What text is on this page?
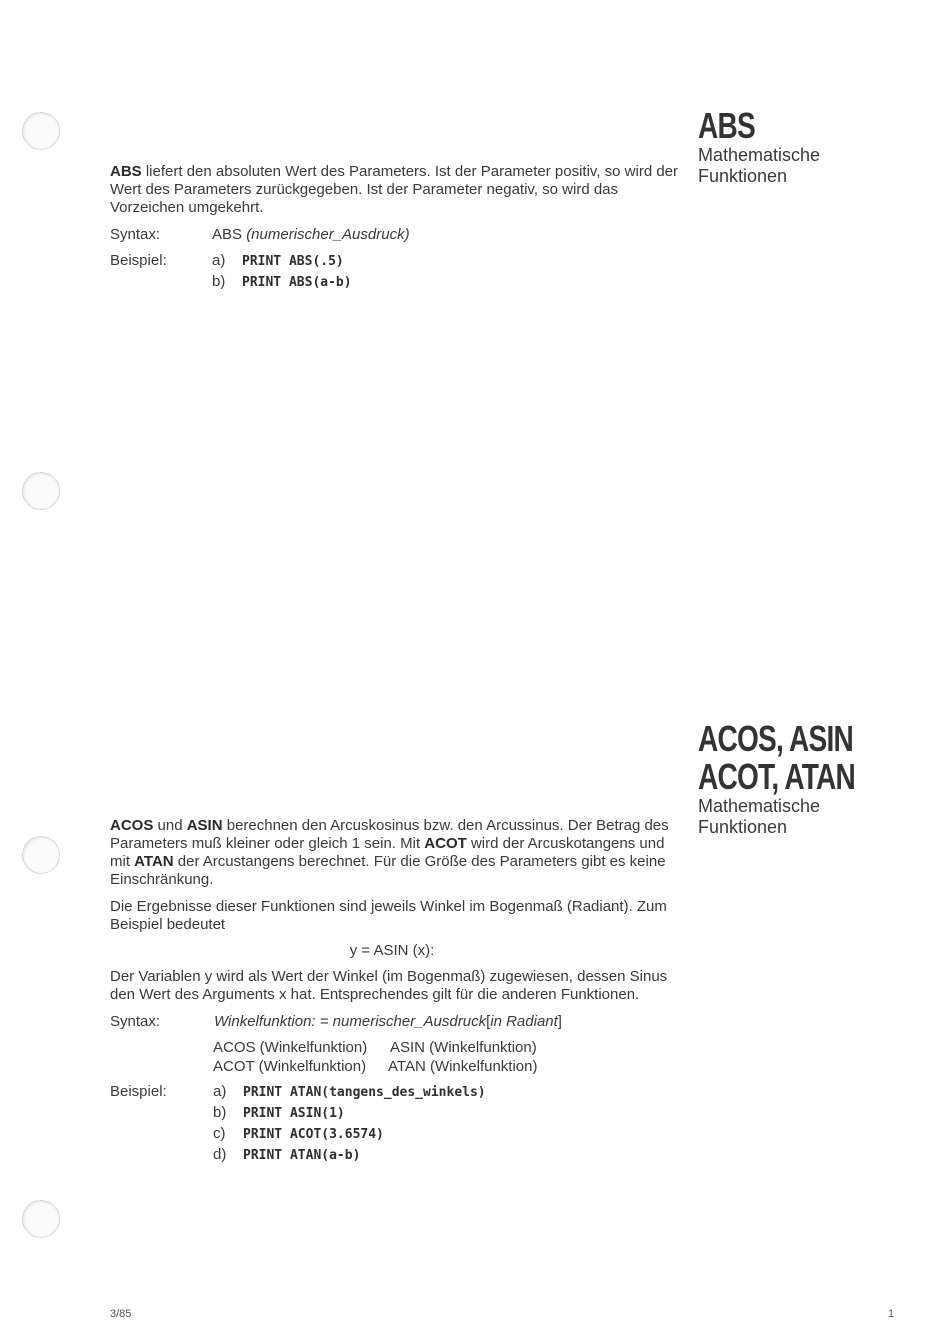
ABS
Mathematische
Funktionen

ABS liefert den absoluten Wert des Parameters. Ist der Parameter positiv, so wird der Wert des Parameters zurückgegeben. Ist der Parameter negativ, so wird das Vorzeichen umgekehrt.

Syntax:	ABS (numerischer_Ausdruck)
Beispiel:	a) PRINT ABS(.5)
b) PRINT ABS(a-b)
ACOS, ASIN
ACOT, ATAN
Mathematische
Funktionen

ACOS und ASIN berechnen den Arcuskosinus bzw. den Arcussinus. Der Betrag des Parameters muß kleiner oder gleich 1 sein. Mit ACOT wird der Arcuskotangens und mit ATAN der Arcustangens berechnet. Für die Größe des Parameters gibt es keine Einschränkung.

Die Ergebnisse dieser Funktionen sind jeweils Winkel im Bogenmaß (Radiant). Zum Beispiel bedeutet

y = ASIN (x):

Der Variablen y wird als Wert der Winkel (im Bogenmaß) zugewiesen, dessen Sinus den Wert des Arguments x hat. Entsprechendes gilt für die anderen Funktionen.

Syntax:	Winkelfunktion: = numerischer_Ausdruck[in Radiant]
ACOS (Winkelfunktion) ASIN (Winkelfunktion)
ACOT (Winkelfunktion) ATAN (Winkelfunktion)
Beispiel:	a) PRINT ATAN(tangens_des_winkels)
b) PRINT ASIN(1)
c) PRINT ACOT(3.6574)
d) PRINT ATAN(a-b)
3/85	1
